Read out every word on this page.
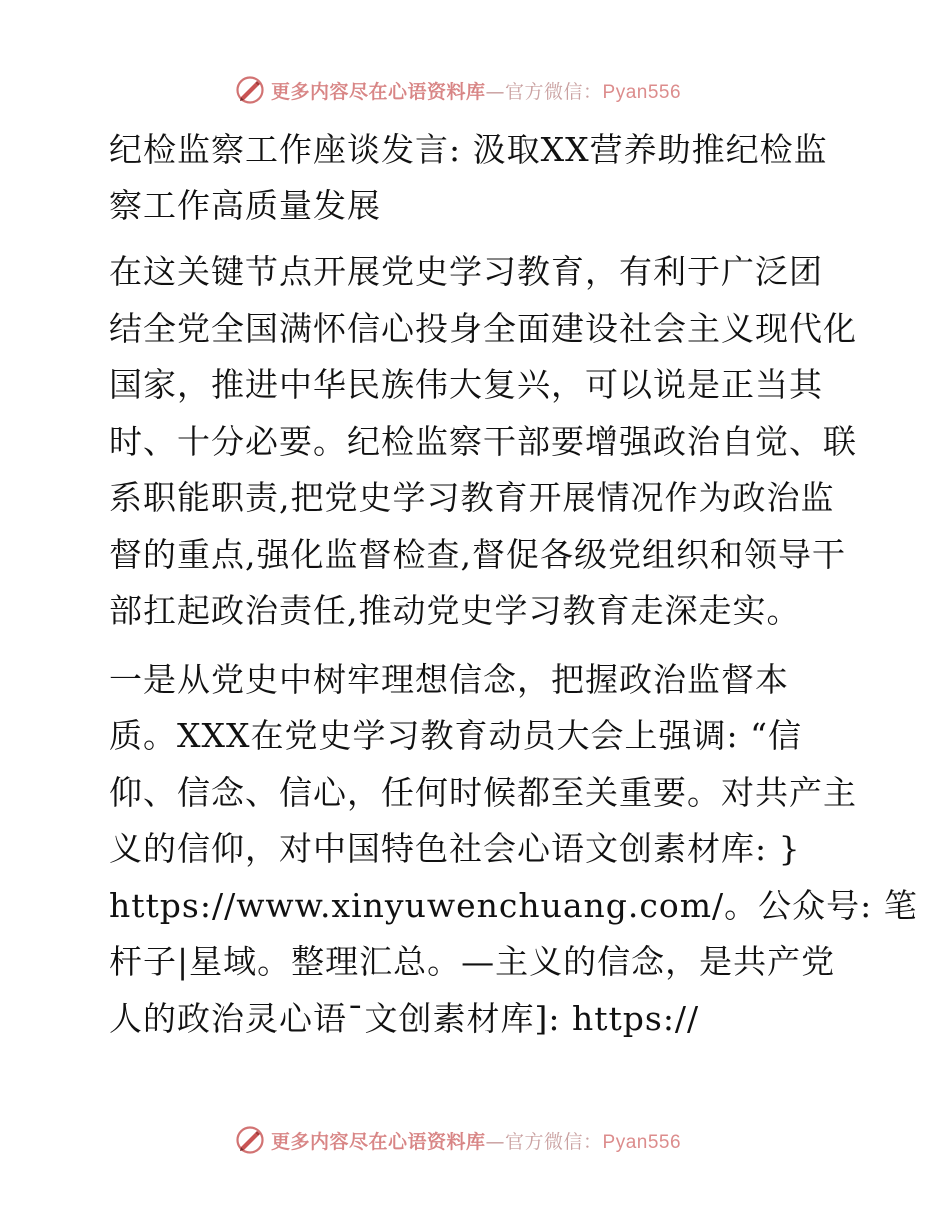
更多内容尽在心语资料库—官方微信：Pyan556
纪检监察工作座谈发言: 汲取XX营养助推纪检监
察工作高质量发展

在这关键节点开展党史学习教育，有利于广泛团
结全党全国满怀信心投身全面建设社会主义现代化
国家，推进中华民族伟大复兴，可以说是正当其
时、十分必要。纪检监察干部要增强政治自觉、联
系职能职责,把党史学习教育开展情况作为政治监
督的重点,强化监督检查,督促各级党组织和领导干
部扛起政治责任,推动党史学习教育走深走实。

一是从党史中树牢理想信念，把握政治监督本
质。XXX在党史学习教育动员大会上强调: “信
仰、信念、信心，任何时候都至关重要。对共产主
义的信仰，对中国特色社会心语文创素材库: }
https://www.xinyuwenchuang.com/。公众号: 笔
杆子|星域。整理汇总。—主义的信念，是共产党
人的政治灵心语¯文创素材库]: https://

更多内容尽在心语资料库—官方微信：Pyan556
